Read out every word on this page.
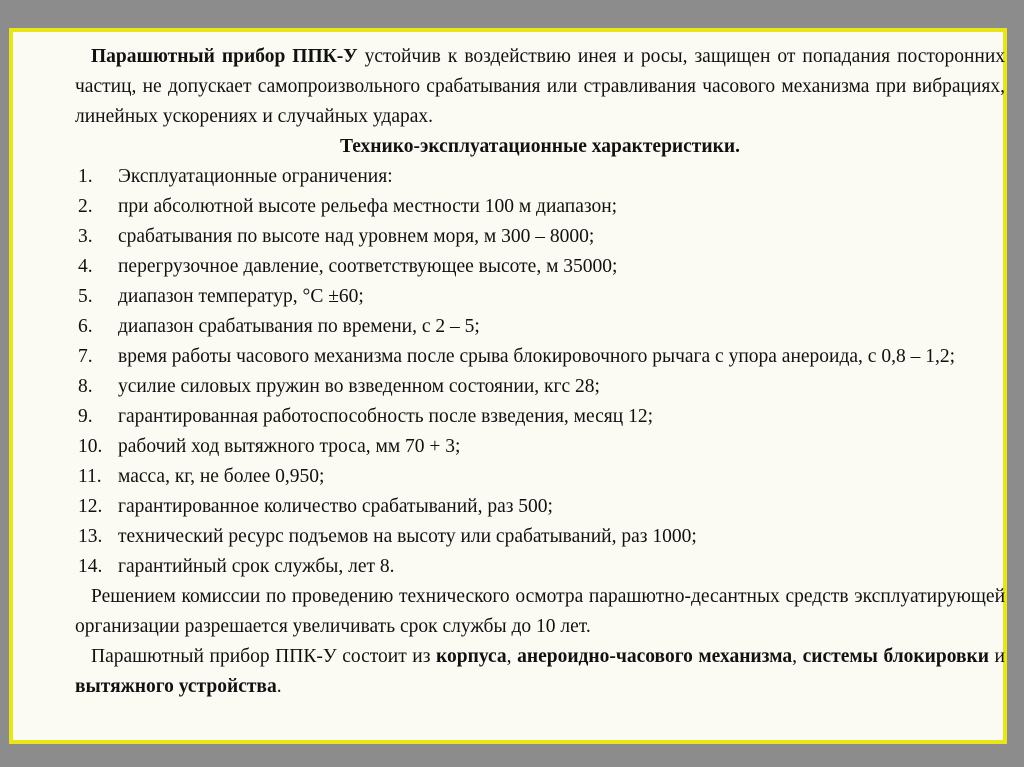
Парашютный прибор ППК-У устойчив к воздействию инея и росы, защищен от попадания посторонних частиц, не допускает самопроизвольного срабатывания или стравливания часового механизма при вибрациях, линейных ускорениях и случайных ударах.

Технико-эксплуатационные характеристики.

1. Эксплуатационные ограничения:
2. при абсолютной высоте рельефа местности 100 м диапазон;
3. срабатывания по высоте над уровнем моря, м 300 – 8000;
4. перегрузочное давление, соответствующее высоте, м 35000;
5. диапазон температур, °С ±60;
6. диапазон срабатывания по времени, с 2 – 5;
7. время работы часового механизма после срыва блокировочного рычага с упора анероида, с 0,8 – 1,2;
8. усилие силовых пружин во взведенном состоянии, кгс 28;
9. гарантированная работоспособность после взведения, месяц 12;
10. рабочий ход вытяжного троса, мм 70 + 3;
11. масса, кг, не более 0,950;
12. гарантированное количество срабатываний, раз 500;
13. технический ресурс подъемов на высоту или срабатываний, раз 1000;
14. гарантийный срок службы, лет 8.

Решением комиссии по проведению технического осмотра парашютно-десантных средств эксплуатирующей организации разрешается увеличивать срок службы до 10 лет.

Парашютный прибор ППК-У состоит из корпуса, анероидно-часового механизма, системы блокировки и вытяжного устройства.
